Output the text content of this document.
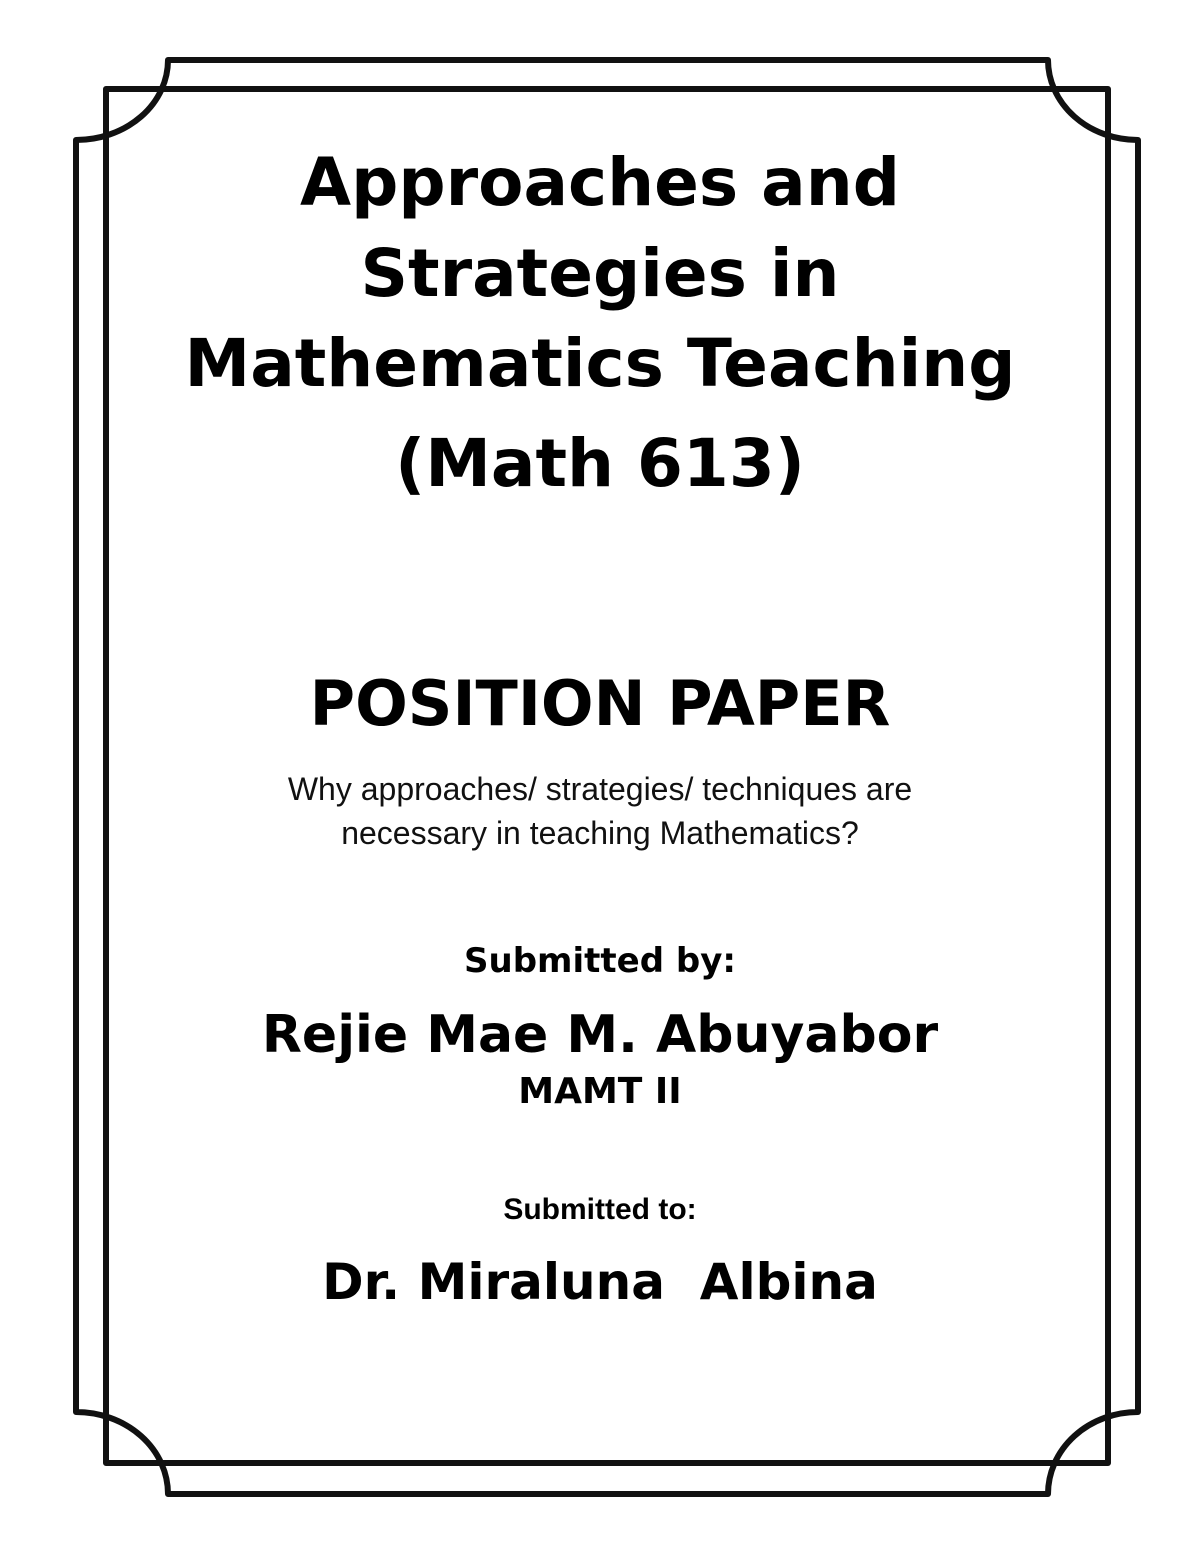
Approaches and
Strategies in
Mathematics Teaching
(Math 613)
POSITION PAPER
Why approaches/ strategies/ techniques are
necessary in teaching Mathematics?
Submitted by:
Rejie Mae M. Abuyabor
MAMT II
Submitted to:
Dr. Miraluna  Albina
